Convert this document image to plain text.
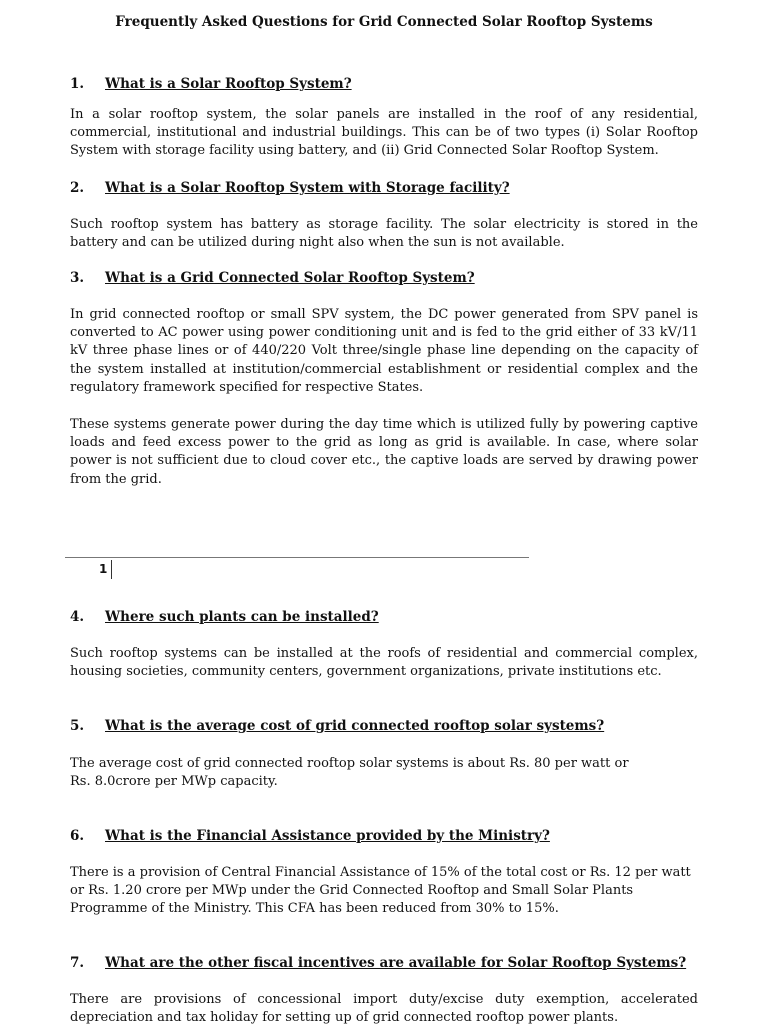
Frequently Asked Questions for Grid Connected Solar Rooftop Systems
1. What is a Solar Rooftop System?
In a solar rooftop system, the solar panels are installed in the roof of any residential, commercial, institutional and industrial buildings. This can be of two types (i) Solar Rooftop System with storage facility using battery, and (ii) Grid Connected Solar Rooftop System.
2. What is a Solar Rooftop System with Storage facility?
Such rooftop system has battery as storage facility. The solar electricity is stored in the battery and can be utilized during night also when the sun is not available.
3. What is a Grid Connected Solar Rooftop System?
In grid connected rooftop or small SPV system, the DC power generated from SPV panel is converted to AC power using power conditioning unit and is fed to the grid either of 33 kV/11 kV three phase lines or of 440/220 Volt three/single phase line depending on the capacity of the system installed at institution/commercial establishment or residential complex and the regulatory framework specified for respective States.
These systems generate power during the day time which is utilized fully by powering captive loads and feed excess power to the grid as long as grid is available. In case, where solar power is not sufficient due to cloud cover etc., the captive loads are served by drawing power from the grid.
1
4. Where such plants can be installed?
Such rooftop systems can be installed at the roofs of residential and commercial complex, housing societies, community centers, government organizations, private institutions etc.
5. What is the average cost of grid connected rooftop solar systems?
The average cost of grid connected rooftop solar systems is about Rs. 80 per watt or Rs. 8.0crore per MWp capacity.
6. What is the Financial Assistance provided by the Ministry?
There is a provision of Central Financial Assistance of 15% of the total cost or Rs. 12 per watt or Rs. 1.20 crore per MWp under the Grid Connected Rooftop and Small Solar Plants Programme of the Ministry. This CFA has been reduced from 30% to 15%.
7. What are the other fiscal incentives are available for Solar Rooftop Systems?
There are provisions of concessional import duty/excise duty exemption, accelerated depreciation and tax holiday for setting up of grid connected rooftop power plants.
